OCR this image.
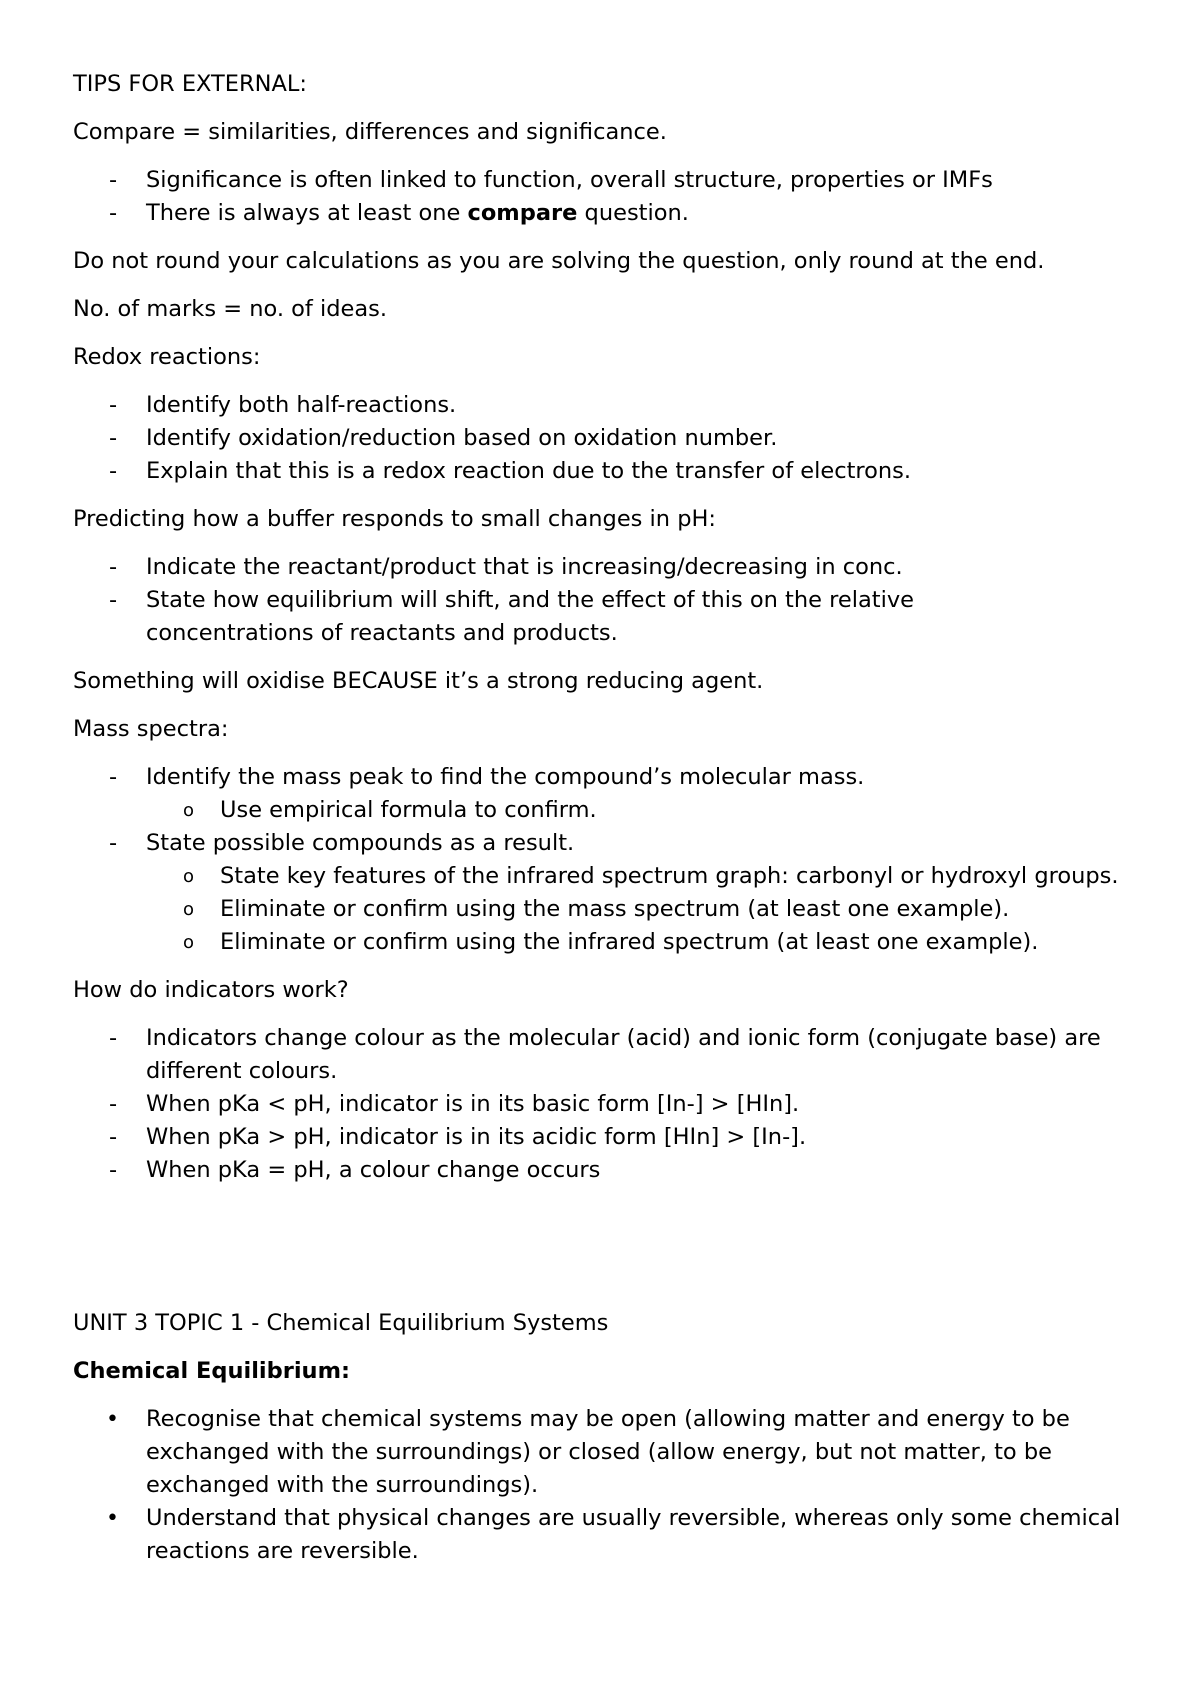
TIPS FOR EXTERNAL:

Compare = similarities, differences and significance.

- Significance is often linked to function, overall structure, properties or IMFs
- There is always at least one compare question.

Do not round your calculations as you are solving the question, only round at the end.

No. of marks = no. of ideas.

Redox reactions:

- Identify both half-reactions.
- Identify oxidation/reduction based on oxidation number.
- Explain that this is a redox reaction due to the transfer of electrons.

Predicting how a buffer responds to small changes in pH:

- Indicate the reactant/product that is increasing/decreasing in conc.
- State how equilibrium will shift, and the effect of this on the relative concentrations of reactants and products.

Something will oxidise BECAUSE it’s a strong reducing agent.

Mass spectra:

- Identify the mass peak to find the compound’s molecular mass.
o Use empirical formula to confirm.
- State possible compounds as a result.
o State key features of the infrared spectrum graph: carbonyl or hydroxyl groups.
o Eliminate or confirm using the mass spectrum (at least one example).
o Eliminate or confirm using the infrared spectrum (at least one example).

How do indicators work?

- Indicators change colour as the molecular (acid) and ionic form (conjugate base) are different colours.
- When pKa < pH, indicator is in its basic form [In-] > [HIn].
- When pKa > pH, indicator is in its acidic form [HIn] > [In-].
- When pKa = pH, a colour change occurs

UNIT 3 TOPIC 1 - Chemical Equilibrium Systems

Chemical Equilibrium:

• Recognise that chemical systems may be open (allowing matter and energy to be exchanged with the surroundings) or closed (allow energy, but not matter, to be exchanged with the surroundings).
• Understand that physical changes are usually reversible, whereas only some chemical reactions are reversible.
